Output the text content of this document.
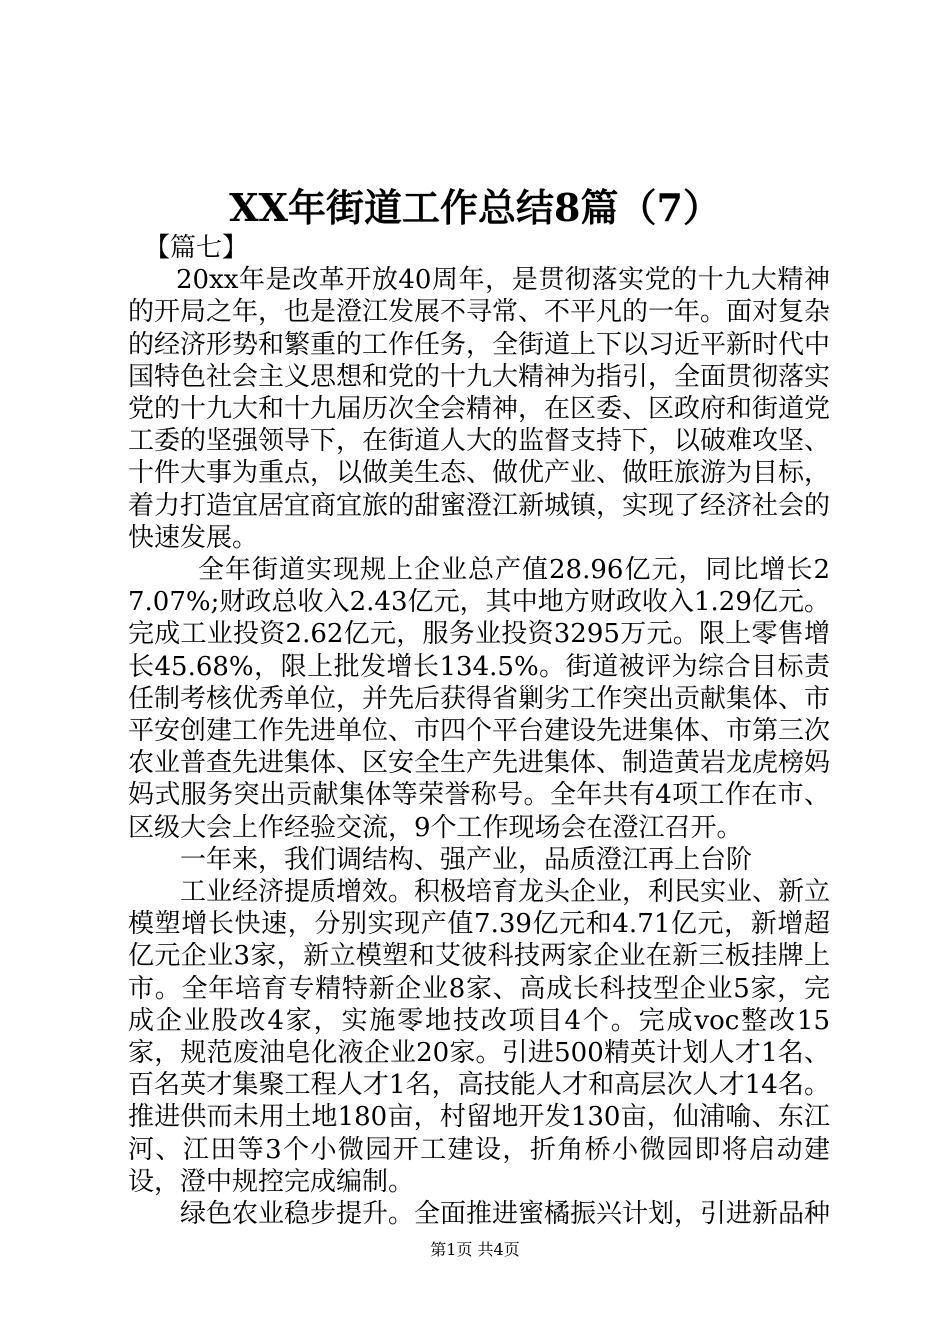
XX年街道工作总结8篇（7）

【篇七】

20xx年是改革开放40周年，是贯彻落实党的十九大精神的开局之年，也是澄江发展不寻常、不平凡的一年。面对复杂的经济形势和繁重的工作任务，全街道上下以习近平新时代中国特色社会主义思想和党的十九大精神为指引，全面贯彻落实党的十九大和十九届历次全会精神，在区委、区政府和街道党工委的坚强领导下，在街道人大的监督支持下，以破难攻坚、十件大事为重点，以做美生态、做优产业、做旺旅游为目标，着力打造宜居宜商宜旅的甜蜜澄江新城镇，实现了经济社会的快速发展。

全年街道实现规上企业总产值28.96亿元，同比增长27.07%;财政总收入2.43亿元，其中地方财政收入1.29亿元。完成工业投资2.62亿元，服务业投资3295万元。限上零售增长45.68%，限上批发增长134.5%。街道被评为综合目标责任制考核优秀单位，并先后获得省剿劣工作突出贡献集体、市平安创建工作先进单位、市四个平台建设先进集体、市第三次农业普查先进集体、区安全生产先进集体、制造黄岩龙虎榜妈妈式服务突出贡献集体等荣誉称号。全年共有4项工作在市、区级大会上作经验交流，9个工作现场会在澄江召开。

一年来，我们调结构、强产业，品质澄江再上台阶

工业经济提质增效。积极培育龙头企业，利民实业、新立模塑增长快速，分别实现产值7.39亿元和4.71亿元，新增超亿元企业3家，新立模塑和艾彼科技两家企业在新三板挂牌上市。全年培育专精特新企业8家、高成长科技型企业5家，完成企业股改4家，实施零地技改项目4个。完成voc整改15家，规范废油皂化液企业20家。引进500精英计划人才1名、百名英才集聚工程人才1名，高技能人才和高层次人才14名。推进供而未用土地180亩，村留地开发130亩，仙浦喻、东江河、江田等3个小微园开工建设，折角桥小微园即将启动建设，澄中规控完成编制。

绿色农业稳步提升。全面推进蜜橘振兴计划，引进新品种

第1页 共4页
